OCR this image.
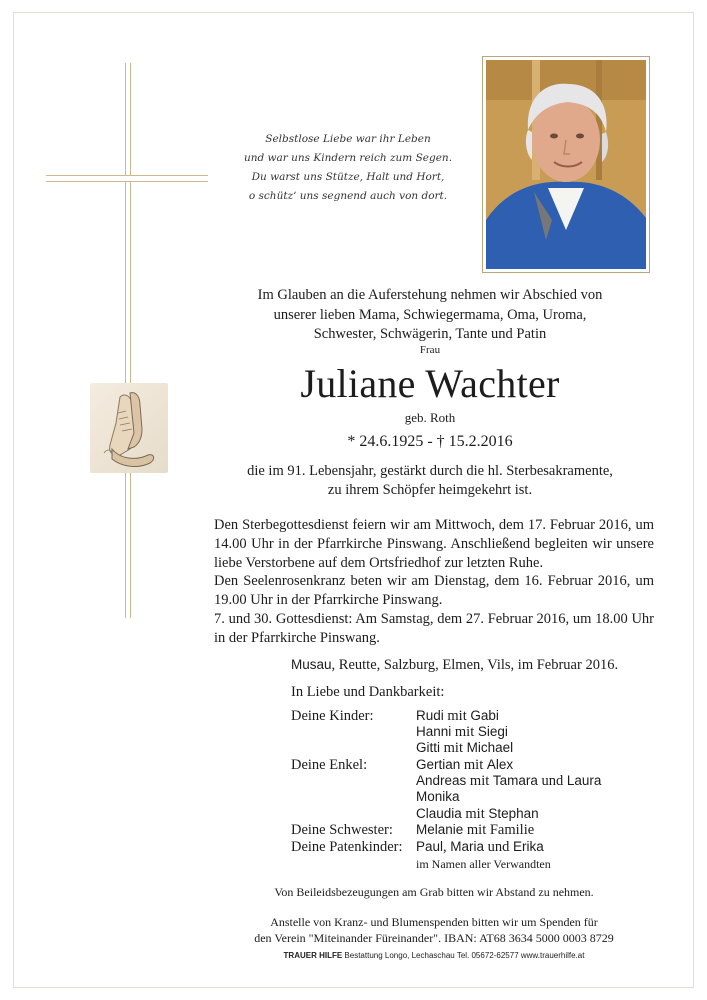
Selbstlose Liebe war ihr Leben
und war uns Kindern reich zum Segen.
Du warst uns Stütze, Halt und Hort,
o schütz‘ uns segnend auch von dort.
Im Glauben an die Auferstehung nehmen wir Abschied von
unserer lieben Mama, Schwiegermama, Oma, Uroma,
Schwester, Schwägerin, Tante und Patin
Frau
Juliane Wachter
geb. Roth
* 24.6.1925 - † 15.2.2016
die im 91. Lebensjahr, gestärkt durch die hl. Sterbesakramente,
zu ihrem Schöpfer heimgekehrt ist.
Den Sterbegottesdienst feiern wir am Mittwoch, dem 17. Februar 2016, um 14.00 Uhr in der Pfarrkirche Pinswang. Anschließend begleiten wir unsere liebe Verstorbene auf dem Ortsfriedhof zur letzten Ruhe.
Den Seelenrosenkranz beten wir am Dienstag, dem 16. Februar 2016, um 19.00 Uhr in der Pfarrkirche Pinswang.
7. und 30. Gottesdienst: Am Samstag, dem 27. Februar 2016, um 18.00 Uhr in der Pfarrkirche Pinswang.
Musau, Reutte, Salzburg, Elmen, Vils, im Februar 2016.
In Liebe und Dankbarkeit:
Deine Kinder:
Deine Enkel:
Deine Schwester:
Deine Patenkinder:
Rudi mit Gabi
Hanni mit Siegi
Gitti mit Michael
Gertian mit Alex
Andreas mit Tamara und Laura
Monika
Claudia mit Stephan
Melanie mit Familie
Paul, Maria und Erika
im Namen aller Verwandten
Von Beileidsbezeugungen am Grab bitten wir Abstand zu nehmen.
Anstelle von Kranz- und Blumenspenden bitten wir um Spenden für
den Verein "Miteinander Füreinander". IBAN: AT68 3634 5000 0003 8729
TRAUER HILFE Bestattung Longo, Lechaschau Tel. 05672-62577 www.trauerhilfe.at
